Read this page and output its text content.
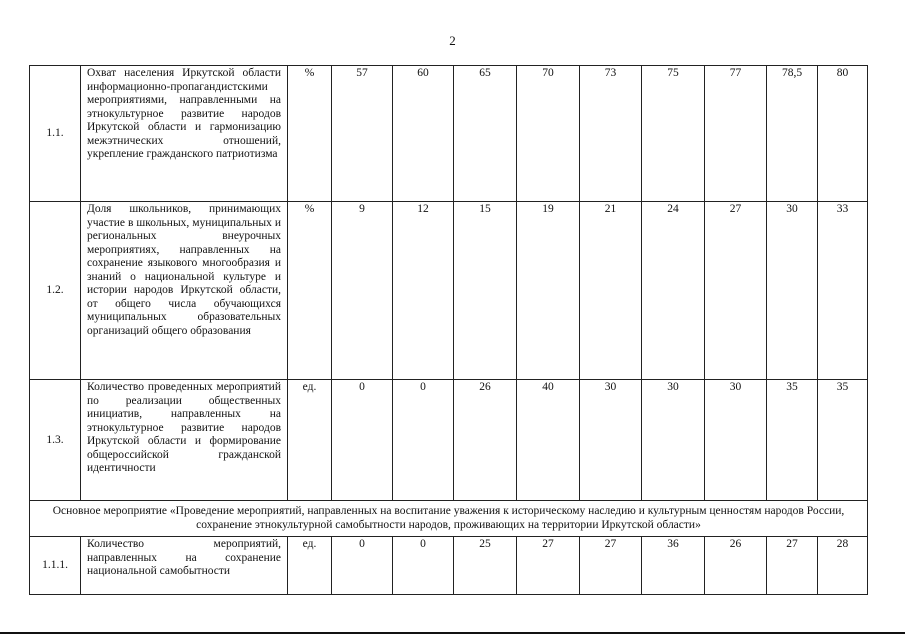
2
1.1.	Охват населения Иркутской области информационно-пропагандистскими мероприятиями, направленными на этнокультурное развитие народов Иркутской области и гармонизацию межэтнических отношений, укрепление гражданского патриотизма	%	57	60	65	70	73	75	77	78,5	80
1.2.	Доля школьников, принимающих участие в школьных, муниципальных и региональных внеурочных мероприятиях, направленных на сохранение языкового многообразия и знаний о национальной культуре и истории народов Иркутской области, от общего числа обучающихся муниципальных образовательных организаций общего образования	%	9	12	15	19	21	24	27	30	33
1.3.	Количество проведенных мероприятий по реализации общественных инициатив, направленных на этнокультурное развитие народов Иркутской области и формирование общероссийской гражданской идентичности	ед.	0	0	26	40	30	30	30	35	35
Основное мероприятие «Проведение мероприятий, направленных на воспитание уважения к историческому наследию и культурным ценностям народов России, сохранение этнокультурной самобытности народов, проживающих на территории Иркутской области»											
1.1.1.	Количество мероприятий, направленных на сохранение национальной самобытности	ед.	0	0	25	27	27	36	26	27	28
